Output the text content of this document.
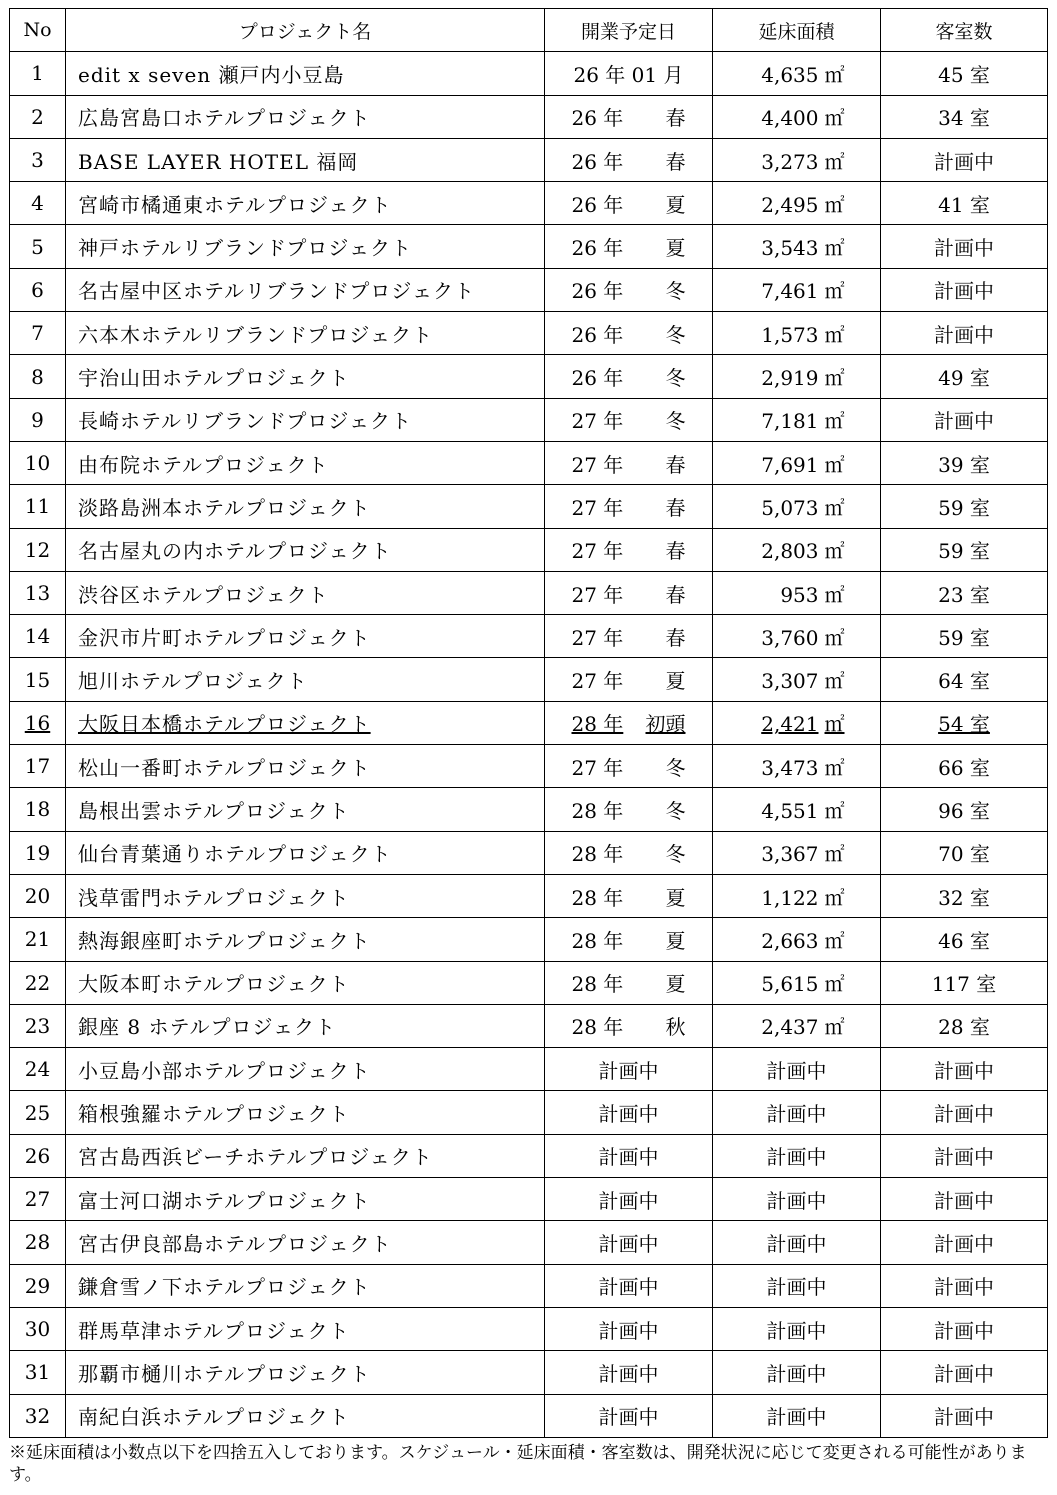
No	プロジェクト名	開業予定日	延床面積	客室数
1	edit x seven 瀬戸内小豆島	26 年 01 月	4,635 ㎡	45 室
2	広島宮島口ホテルプロジェクト	26 年 春	4,400 ㎡	34 室
3	BASE LAYER HOTEL 福岡	26 年 春	3,273 ㎡	計画中
4	宮崎市橘通東ホテルプロジェクト	26 年 夏	2,495 ㎡	41 室
5	神戸ホテルリブランドプロジェクト	26 年 夏	3,543 ㎡	計画中
6	名古屋中区ホテルリブランドプロジェクト	26 年 冬	7,461 ㎡	計画中
7	六本木ホテルリブランドプロジェクト	26 年 冬	1,573 ㎡	計画中
8	宇治山田ホテルプロジェクト	26 年 冬	2,919 ㎡	49 室
9	長崎ホテルリブランドプロジェクト	27 年 冬	7,181 ㎡	計画中
10	由布院ホテルプロジェクト	27 年 春	7,691 ㎡	39 室
11	淡路島洲本ホテルプロジェクト	27 年 春	5,073 ㎡	59 室
12	名古屋丸の内ホテルプロジェクト	27 年 春	2,803 ㎡	59 室
13	渋谷区ホテルプロジェクト	27 年 春	953 ㎡	23 室
14	金沢市片町ホテルプロジェクト	27 年 春	3,760 ㎡	59 室
15	旭川ホテルプロジェクト	27 年 夏	3,307 ㎡	64 室
16	大阪日本橋ホテルプロジェクト	28 年 初頭	2,421 ㎡	54 室
17	松山一番町ホテルプロジェクト	27 年 冬	3,473 ㎡	66 室
18	島根出雲ホテルプロジェクト	28 年 冬	4,551 ㎡	96 室
19	仙台青葉通りホテルプロジェクト	28 年 冬	3,367 ㎡	70 室
20	浅草雷門ホテルプロジェクト	28 年 夏	1,122 ㎡	32 室
21	熱海銀座町ホテルプロジェクト	28 年 夏	2,663 ㎡	46 室
22	大阪本町ホテルプロジェクト	28 年 夏	5,615 ㎡	117 室
23	銀座 8 ホテルプロジェクト	28 年 秋	2,437 ㎡	28 室
24	小豆島小部ホテルプロジェクト	計画中	計画中	計画中
25	箱根強羅ホテルプロジェクト	計画中	計画中	計画中
26	宮古島西浜ビーチホテルプロジェクト	計画中	計画中	計画中
27	富士河口湖ホテルプロジェクト	計画中	計画中	計画中
28	宮古伊良部島ホテルプロジェクト	計画中	計画中	計画中
29	鎌倉雪ノ下ホテルプロジェクト	計画中	計画中	計画中
30	群馬草津ホテルプロジェクト	計画中	計画中	計画中
31	那覇市樋川ホテルプロジェクト	計画中	計画中	計画中
32	南紀白浜ホテルプロジェクト	計画中	計画中	計画中
※延床面積は小数点以下を四捨五入しております。スケジュール・延床面積・客室数は、開発状況に応じて変更される可能性があります。
